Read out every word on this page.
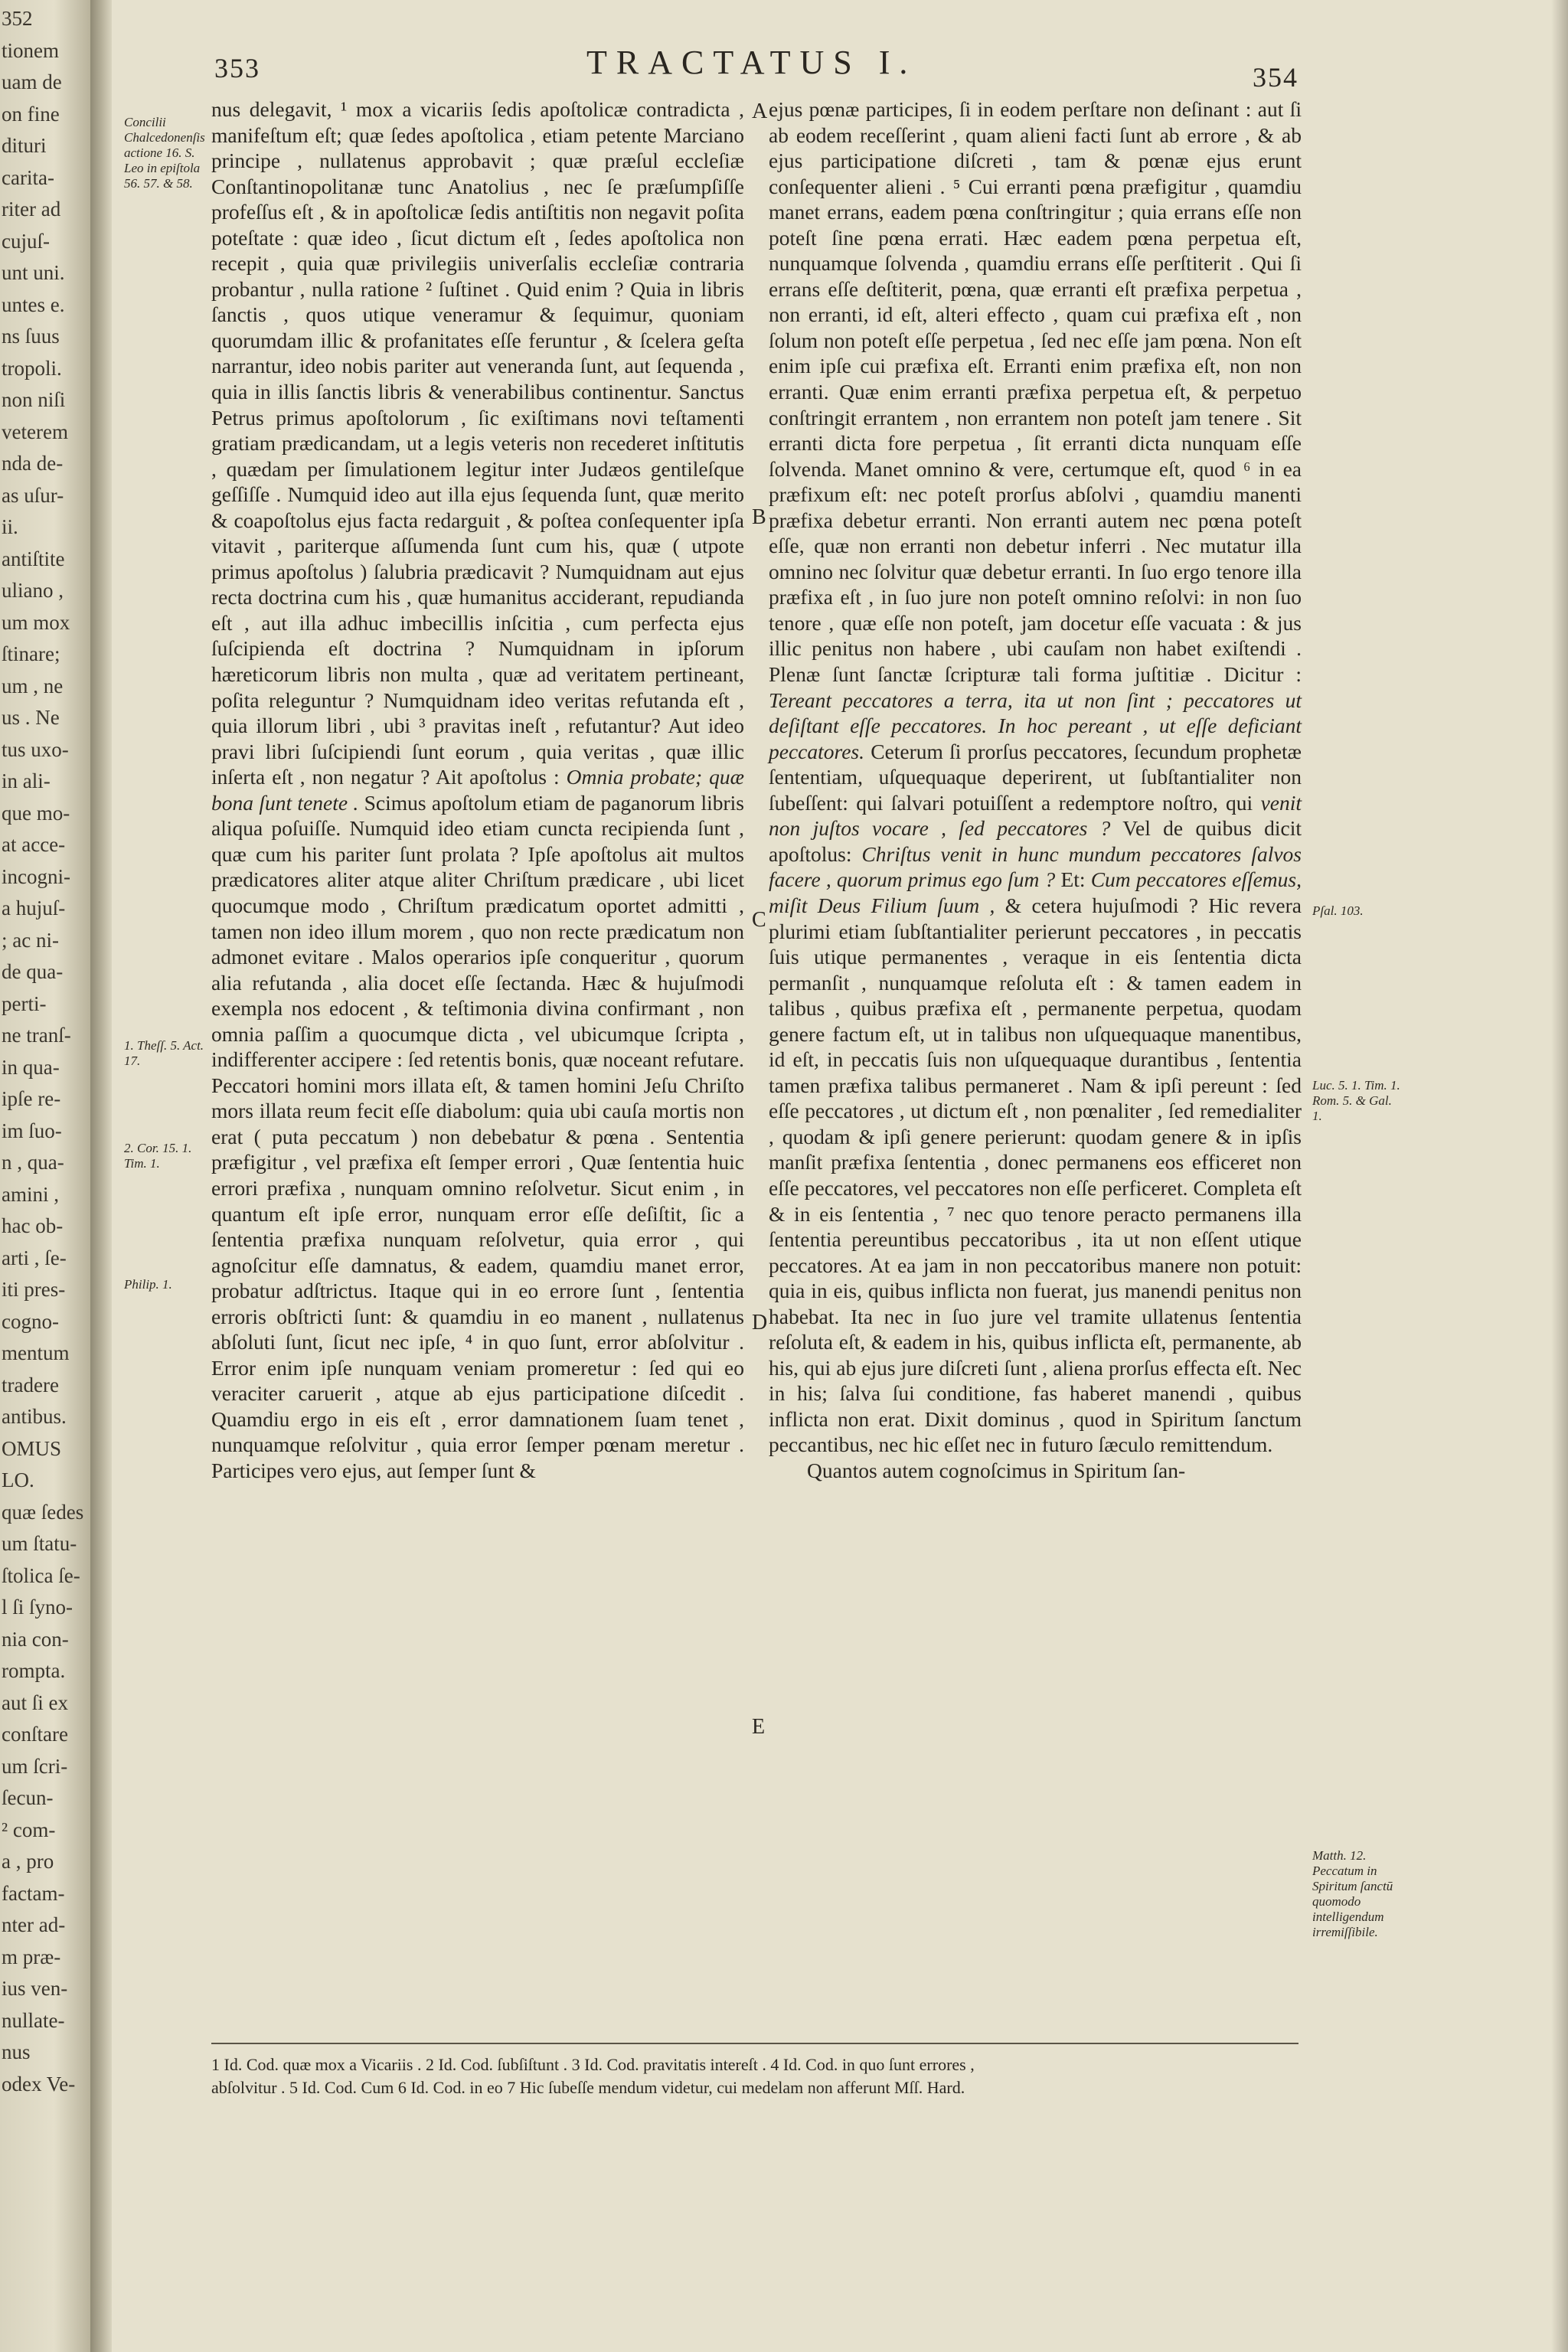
352
tionem
uam de
on fine
dituri
carita-
riter ad
cujuſ-
unt uni.
untes e.
ns ſuus
tropoli.
non niſi
veterem
nda de-
as uſur-
ii.
antiſtite
uliano ,
um mox
ſtinare;
um , ne
us . Ne
tus uxo-
in ali-
que mo-
at acce-
incogni-
a hujuſ-
; ac ni-
de qua-
perti-
ne tranſ-
in qua-
ipſe re-
im ſuo-
n , qua-
amini ,
hac ob-
arti , ſe-
iti pres-
cogno-
mentum
tradere
antibus.
OMUS
LO.
quæ ſedes
um ſtatu-
ſtolica ſe-
l ſi ſyno-
nia con-
rompta.
aut ſi ex
conſtare
um ſcri-
ſecun-
² com-
a , pro
factam-
nter ad-
m præ-
ius ven-
nullate-
nus
odex Ve-
353	TRACTATUS I.	354
Concilii Chalcedonenſis actione 16. S. Leo in epiſtola 56. 57. & 58.
1. Theſſ. 5. Act. 17.
2. Cor. 15. 1. Tim. 1.
Philip. 1.
Pſal. 103.
Luc. 5. 1. Tim. 1. Rom. 5. & Gal. 1.
Matth. 12. Peccatum in Spiritum ſanctū quomodo intelligendum irremiſſibile.
A
B
C
D
E

nus delegavit, ¹ mox a vicariis ſedis apoſtolicæ contradicta , manifeſtum eſt; quæ ſedes apoſtolica , etiam petente Marciano principe , nullatenus approbavit ; quæ præſul eccleſiæ Conſtantinopolitanæ tunc Anatolius , nec ſe præſumpſiſſe profeſſus eſt , & in apoſtolicæ ſedis antiſtitis non negavit poſita poteſtate : quæ ideo , ſicut dictum eſt , ſedes apoſtolica non recepit , quia quæ privilegiis univerſalis eccleſiæ contraria probantur , nulla ratione ² ſuſtinet . Quid enim ? Quia in libris ſanctis , quos utique veneramur & ſequimur, quoniam quorumdam illic & profanitates eſſe feruntur , & ſcelera geſta narrantur, ideo nobis pariter aut veneranda ſunt, aut ſequenda , quia in illis ſanctis libris & venerabilibus continentur. Sanctus Petrus primus apoſtolorum , ſic exiſtimans novi teſtamenti gratiam prædicandam, ut a legis veteris non recederet inſtitutis , quædam per ſimulationem legitur inter Judæos gentileſque geſſiſſe . Numquid ideo aut illa ejus ſequenda ſunt, quæ merito & coapoſtolus ejus facta redarguit , & poſtea conſequenter ipſa vitavit , pariterque aſſumenda ſunt cum his, quæ ( utpote primus apoſtolus ) ſalubria prædicavit ? Numquidnam aut ejus recta doctrina cum his , quæ humanitus acciderant, repudianda eſt , aut illa adhuc imbecillis inſcitia , cum perfecta ejus ſuſcipienda eſt doctrina ? Numquidnam in ipſorum hæreticorum libris non multa , quæ ad veritatem pertineant, poſita releguntur ? Numquidnam ideo veritas refutanda eſt , quia illorum libri , ubi ³ pravitas ineſt , refutantur? Aut ideo pravi libri ſuſcipiendi ſunt eorum , quia veritas , quæ illic inſerta eſt , non negatur ? Ait apoſtolus : Omnia probate; quæ bona ſunt tenete . Scimus apoſtolum etiam de paganorum libris aliqua poſuiſſe. Numquid ideo etiam cuncta recipienda ſunt , quæ cum his pariter ſunt prolata ? Ipſe apoſtolus ait multos prædicatores aliter atque aliter Chriſtum prædicare , ubi licet quocumque modo , Chriſtum prædicatum oportet admitti , tamen non ideo illum morem , quo non recte prædicatum non admonet evitare . Malos operarios ipſe conqueritur , quorum alia refutanda , alia docet eſſe ſectanda. Hæc & hujuſmodi exempla nos edocent , & teſtimonia divina confirmant , non omnia paſſim a quocumque dicta , vel ubicumque ſcripta , indifferenter accipere : ſed retentis bonis, quæ noceant refutare. Peccatori homini mors illata eſt, & tamen homini Jeſu Chriſto mors illata reum fecit eſſe diabolum: quia ubi cauſa mortis non erat ( puta peccatum ) non debebatur & pœna . Sententia præfigitur , vel præfixa eſt ſemper errori , Quæ ſententia huic errori præfixa , nunquam omnino reſolvetur. Sicut enim , in quantum eſt ipſe error, nunquam error eſſe deſiſtit, ſic a ſententia præfixa nunquam reſolvetur, quia error , qui agnoſcitur eſſe damnatus, & eadem, quamdiu manet error, probatur adſtrictus. Itaque qui in eo errore ſunt , ſententia erroris obſtricti ſunt: & quamdiu in eo manent , nullatenus abſoluti ſunt, ſicut nec ipſe, ⁴ in quo ſunt, error abſolvitur . Error enim ipſe nunquam veniam promeretur : ſed qui eo veraciter caruerit , atque ab ejus participatione diſcedit . Quamdiu ergo in eis eſt , error damnationem ſuam tenet , nunquamque reſolvitur , quia error ſemper pœnam meretur . Participes vero ejus, aut ſemper ſunt &

ejus pœnæ participes, ſi in eodem perſtare non deſinant : aut ſi ab eodem receſſerint , quam alieni facti ſunt ab errore , & ab ejus participatione diſcreti , tam & pœnæ ejus erunt conſequenter alieni . ⁵ Cui erranti pœna præfigitur , quamdiu manet errans, eadem pœna conſtringitur ; quia errans eſſe non poteſt ſine pœna errati. Hæc eadem pœna perpetua eſt, nunquamque ſolvenda , quamdiu errans eſſe perſtiterit . Qui ſi errans eſſe deſtiterit, pœna, quæ erranti eſt præfixa perpetua , non erranti, id eſt, alteri effecto , quam cui præfixa eſt , non ſolum non poteſt eſſe perpetua , ſed nec eſſe jam pœna. Non eſt enim ipſe cui præfixa eſt. Erranti enim præfixa eſt, non non erranti. Quæ enim erranti præfixa perpetua eſt, & perpetuo conſtringit errantem , non errantem non poteſt jam tenere . Sit erranti dicta fore perpetua , ſit erranti dicta nunquam eſſe ſolvenda. Manet omnino & vere, certumque eſt, quod ⁶ in ea præfixum eſt: nec poteſt prorſus abſolvi , quamdiu manenti præfixa debetur erranti. Non erranti autem nec pœna poteſt eſſe, quæ non erranti non debetur inferri . Nec mutatur illa omnino nec ſolvitur quæ debetur erranti. In ſuo ergo tenore illa præfixa eſt , in ſuo jure non poteſt omnino reſolvi: in non ſuo tenore , quæ eſſe non poteſt, jam docetur eſſe vacuata : & jus illic penitus non habere , ubi cauſam non habet exiſtendi . Plenæ ſunt ſanctæ ſcripturæ tali forma juſtitiæ . Dicitur : Tereant peccatores a terra, ita ut non ſint ; peccatores ut deſiſtant eſſe peccatores. In hoc pereant , ut eſſe deficiant peccatores. Ceterum ſi prorſus peccatores, ſecundum prophetæ ſententiam, uſquequaque deperirent, ut ſubſtantialiter non ſubeſſent: qui ſalvari potuiſſent a redemptore noſtro, qui venit non juſtos vocare , ſed peccatores ? Vel de quibus dicit apoſtolus: Chriſtus venit in hunc mundum peccatores ſalvos facere , quorum primus ego ſum ? Et: Cum peccatores eſſemus, miſit Deus Filium ſuum , & cetera hujuſmodi ? Hic revera plurimi etiam ſubſtantialiter perierunt peccatores , in peccatis ſuis utique permanentes , veraque in eis ſententia dicta permanſit , nunquamque reſoluta eſt : & tamen eadem in talibus , quibus præfixa eſt , permanente perpetua, quodam genere factum eſt, ut in talibus non uſquequaque manentibus, id eſt, in peccatis ſuis non uſquequaque durantibus , ſententia tamen præfixa talibus permaneret . Nam & ipſi pereunt : ſed eſſe peccatores , ut dictum eſt , non pœnaliter , ſed remedialiter , quodam & ipſi genere perierunt: quodam genere & in ipſis manſit præfixa ſententia , donec permanens eos efficeret non eſſe peccatores, vel peccatores non eſſe perficeret. Completa eſt & in eis ſententia , ⁷ nec quo tenore peracto permanens illa ſententia pereuntibus peccatoribus , ita ut non eſſent utique peccatores. At ea jam in non peccatoribus manere non potuit: quia in eis, quibus inflicta non fuerat, jus manendi penitus non habebat. Ita nec in ſuo jure vel tramite ullatenus ſententia reſoluta eſt, & eadem in his, quibus inflicta eſt, permanente, ab his, qui ab ejus jure diſcreti ſunt , aliena prorſus effecta eſt. Nec in his; ſalva ſui conditione, fas haberet manendi , quibus inflicta non erat. Dixit dominus , quod in Spiritum ſanctum peccantibus, nec hic eſſet nec in futuro ſæculo remittendum.

Quantos autem cognoſcimus in Spiritum ſan-

1 Id. Cod. quæ mox a Vicariis . 2 Id. Cod. ſubſiſtunt . 3 Id. Cod. pravitatis intereſt . 4 Id. Cod. in quo ſunt errores ,
abſolvitur . 5 Id. Cod. Cum 6 Id. Cod. in eo 7 Hic ſubeſſe mendum videtur, cui medelam non afferunt Mſſ. Hard.
